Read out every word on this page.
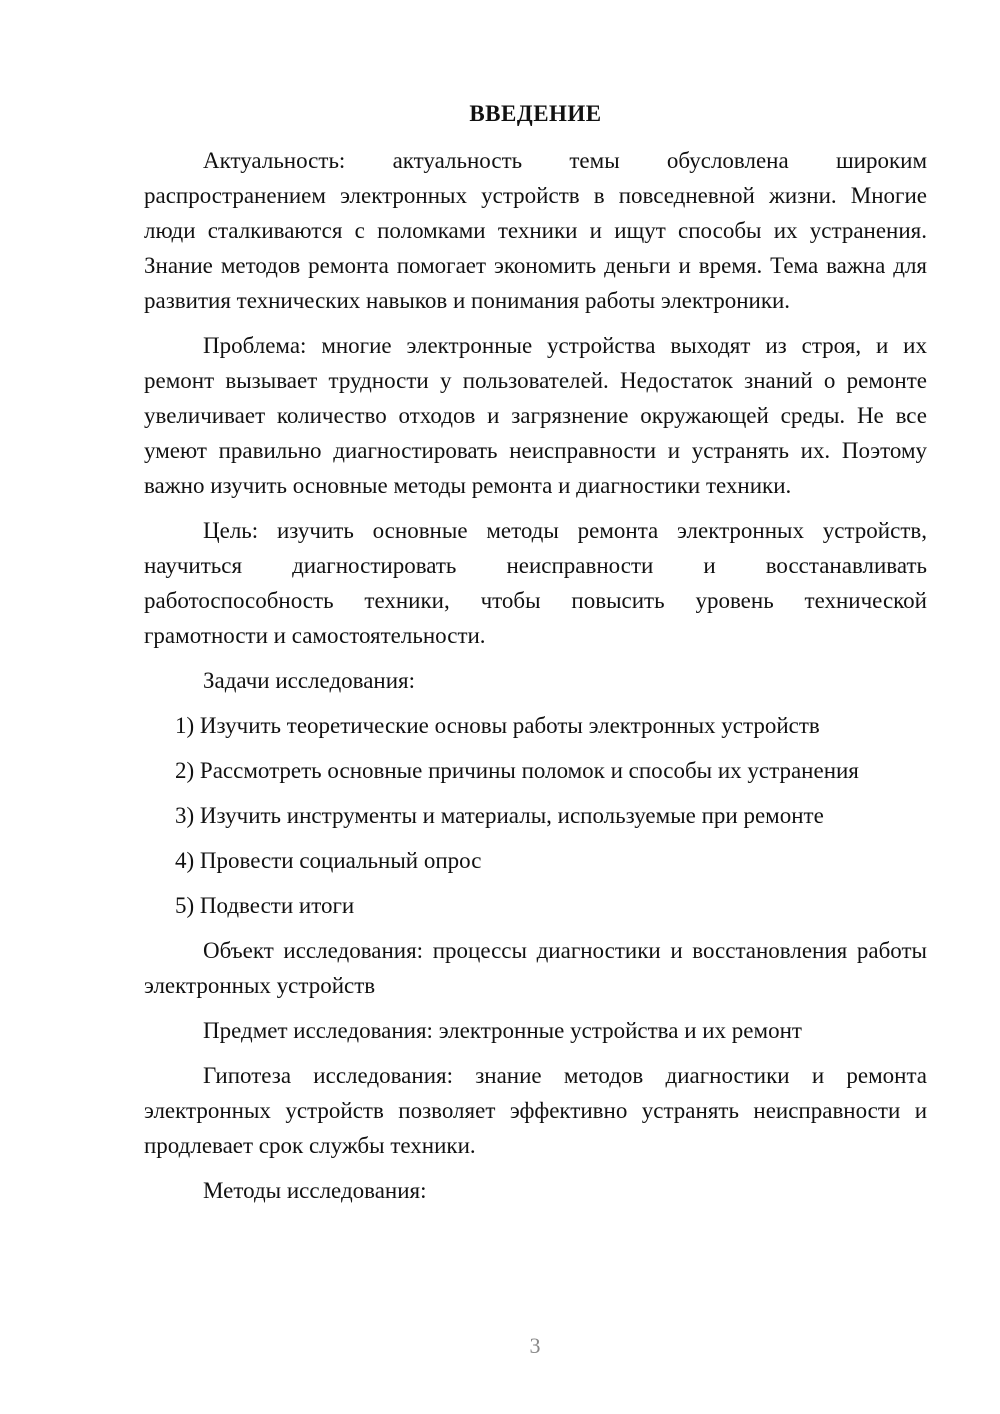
ВВЕДЕНИЕ

Актуальность: актуальность темы обусловлена широким распространением электронных устройств в повседневной жизни. Многие люди сталкиваются с поломками техники и ищут способы их устранения. Знание методов ремонта помогает экономить деньги и время. Тема важна для развития технических навыков и понимания работы электроники.

Проблема: многие электронные устройства выходят из строя, и их ремонт вызывает трудности у пользователей. Недостаток знаний о ремонте увеличивает количество отходов и загрязнение окружающей среды. Не все умеют правильно диагностировать неисправности и устранять их. Поэтому важно изучить основные методы ремонта и диагностики техники.

Цель: изучить основные методы ремонта электронных устройств, научиться диагностировать неисправности и восстанавливать работоспособность техники, чтобы повысить уровень технической грамотности и самостоятельности.

Задачи исследования:

1) Изучить теоретические основы работы электронных устройств
2) Рассмотреть основные причины поломок и способы их устранения
3) Изучить инструменты и материалы, используемые при ремонте
4) Провести социальный опрос
5) Подвести итоги

Объект исследования: процессы диагностики и восстановления работы электронных устройств

Предмет исследования: электронные устройства и их ремонт

Гипотеза исследования: знание методов диагностики и ремонта электронных устройств позволяет эффективно устранять неисправности и продлевает срок службы техники.

Методы исследования:

3
